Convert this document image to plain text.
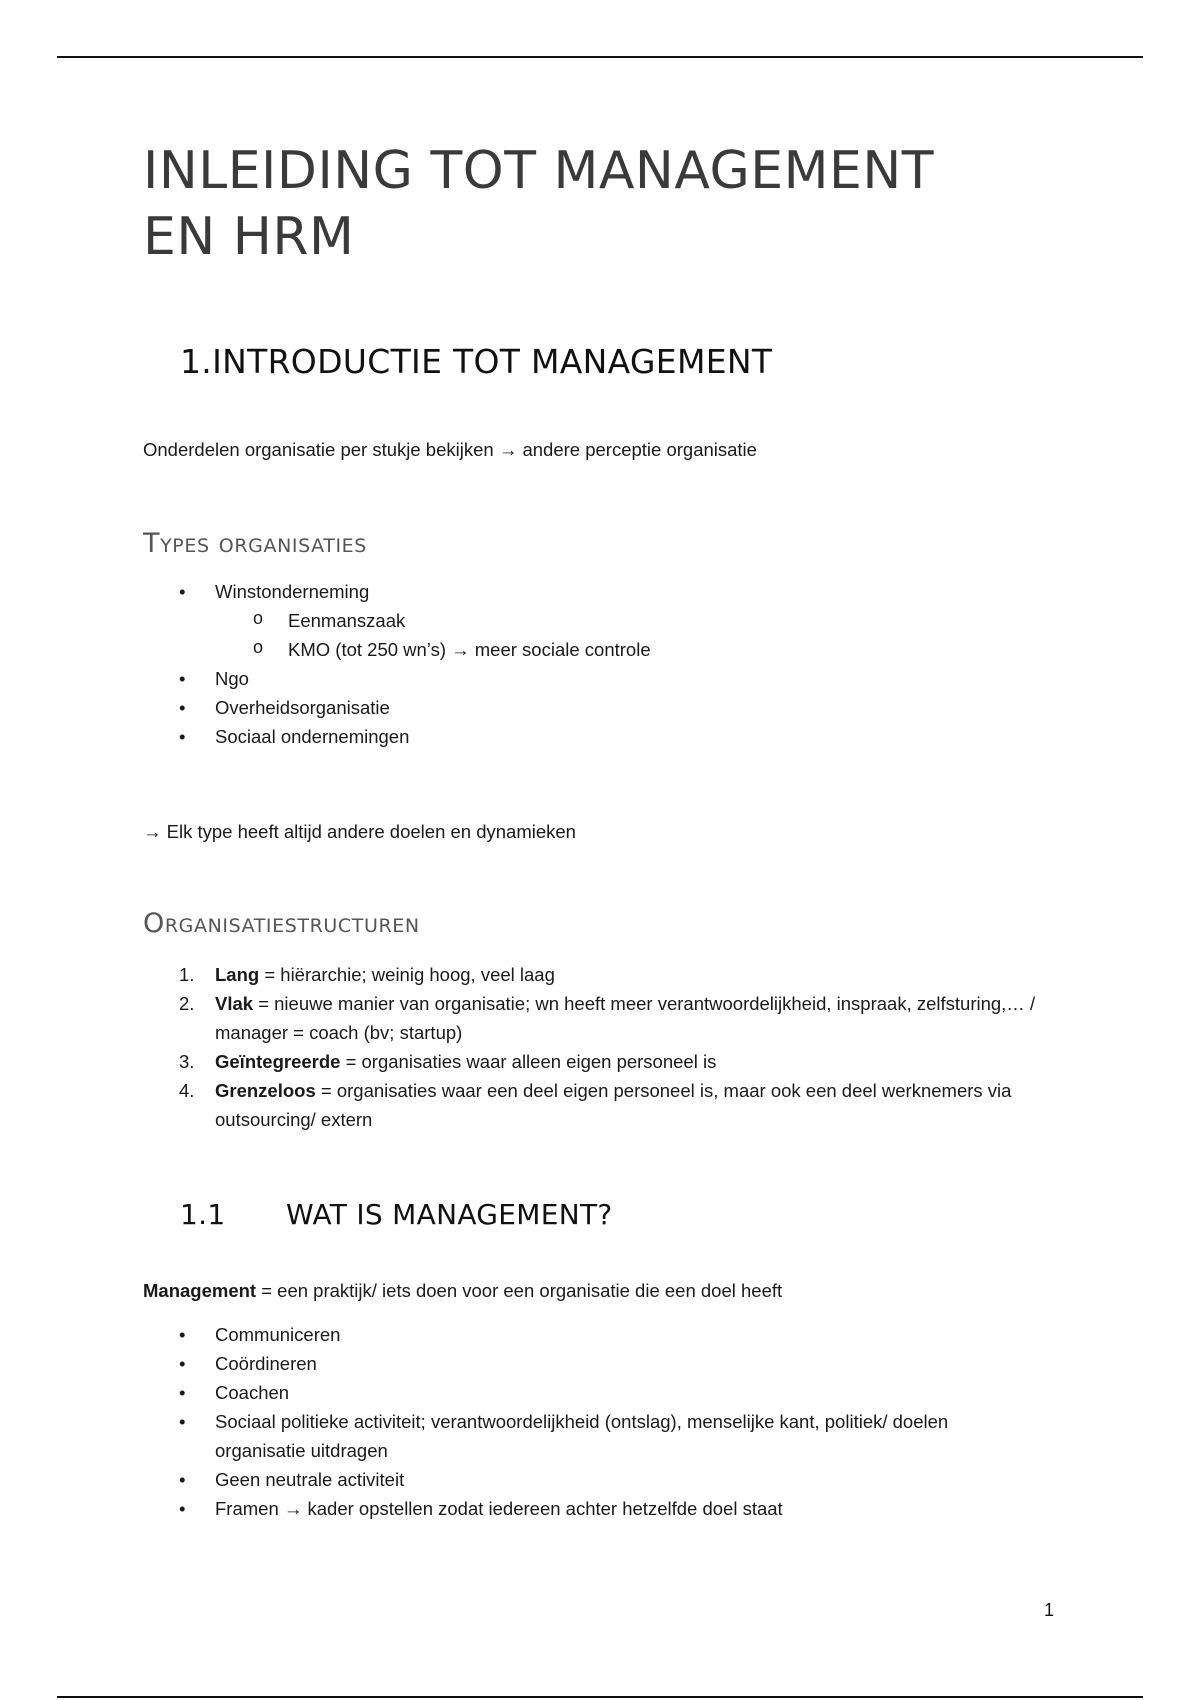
INLEIDING TOT MANAGEMENT
EN HRM
1.INTRODUCTIE TOT MANAGEMENT

Onderdelen organisatie per stukje bekijken → andere perceptie organisatie

Types organisaties
•	Winstonderneming
o Eenmanszaak
o KMO (tot 250 wn’s) → meer sociale controle
•	Ngo
•	Overheidsorganisatie
•	Sociaal ondernemingen

→ Elk type heeft altijd andere doelen en dynamieken

Organisatiestructuren
1.	Lang = hiërarchie; weinig hoog, veel laag
2.	Vlak = nieuwe manier van organisatie; wn heeft meer verantwoordelijkheid, inspraak, zelfsturing,… / manager = coach (bv; startup)
3.	Geïntegreerde = organisaties waar alleen eigen personeel is
4.	Grenzeloos = organisaties waar een deel eigen personeel is, maar ook een deel werknemers via outsourcing/ extern
1.1 WAT IS MANAGEMENT?

Management = een praktijk/ iets doen voor een organisatie die een doel heeft

•	Communiceren
•	Coördineren
•	Coachen
•	Sociaal politieke activiteit; verantwoordelijkheid (ontslag), menselijke kant, politiek/ doelen organisatie uitdragen
•	Geen neutrale activiteit
•	Framen → kader opstellen zodat iedereen achter hetzelfde doel staat
1
